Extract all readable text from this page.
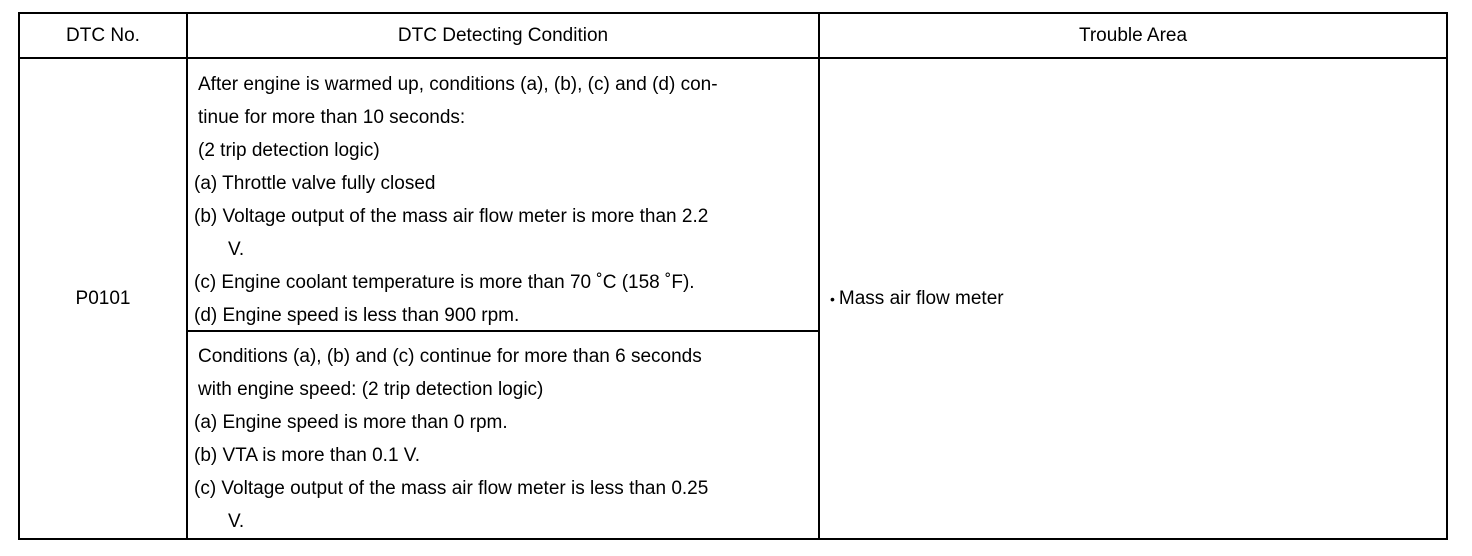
DTC No.	DTC Detecting Condition	Trouble Area
P0101
After engine is warmed up, conditions (a), (b), (c) and (d) con-
tinue for more than 10 seconds:
(2 trip detection logic)
(a) Throttle valve fully closed
(b) Voltage output of the mass air flow meter is more than 2.2
V.
(c) Engine coolant temperature is more than 70 ˚C (158 ˚F).
(d) Engine speed is less than 900 rpm.
Conditions (a), (b) and (c) continue for more than 6 seconds
with engine speed: (2 trip detection logic)
(a) Engine speed is more than 0 rpm.
(b) VTA is more than 0.1 V.
(c) Voltage output of the mass air flow meter is less than 0.25
V.
• Mass air flow meter
